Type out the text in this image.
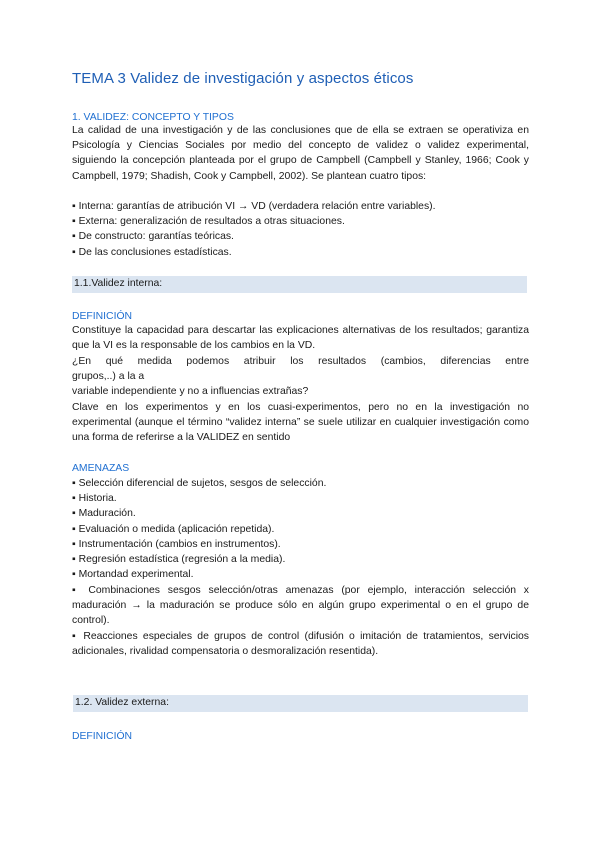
TEMA 3 Validez de investigación y aspectos éticos
1. VALIDEZ: CONCEPTO Y TIPOS
La calidad de una investigación y de las conclusiones que de ella se extraen se operativiza en Psicología y Ciencias Sociales por medio del concepto de validez o validez experimental, siguiendo la concepción planteada por el grupo de Campbell (Campbell y Stanley, 1966; Cook y Campbell, 1979; Shadish, Cook y Campbell, 2002). Se plantean cuatro tipos:
▪ Interna: garantías de atribución VI → VD (verdadera relación entre variables).
▪ Externa: generalización de resultados a otras situaciones.
▪ De constructo: garantías teóricas.
▪ De las conclusiones estadísticas.
1.1.Validez interna:
DEFINICIÓN
Constituye la capacidad para descartar las explicaciones alternativas de los resultados; garantiza que la VI es la responsable de los cambios en la VD.
¿En qué medida podemos atribuir los resultados (cambios, diferencias entre
grupos,..) a la a
variable independiente y no a influencias extrañas?
Clave en los experimentos y en los cuasi-experimentos, pero no en la investigación no experimental (aunque el término “validez interna” se suele utilizar en cualquier investigación como una forma de referirse a la VALIDEZ en sentido
AMENAZAS
▪ Selección diferencial de sujetos, sesgos de selección.
▪ Historia.
▪ Maduración.
▪ Evaluación o medida (aplicación repetida).
▪ Instrumentación (cambios en instrumentos).
▪ Regresión estadística (regresión a la media).
▪ Mortandad experimental.
▪ Combinaciones sesgos selección/otras amenazas (por ejemplo, interacción selección x maduración → la maduración se produce sólo en algún grupo experimental o en el grupo de control).
▪ Reacciones especiales de grupos de control (difusión o imitación de tratamientos, servicios adicionales, rivalidad compensatoria o desmoralización resentida).
1.2. Validez externa:
DEFINICIÓN
